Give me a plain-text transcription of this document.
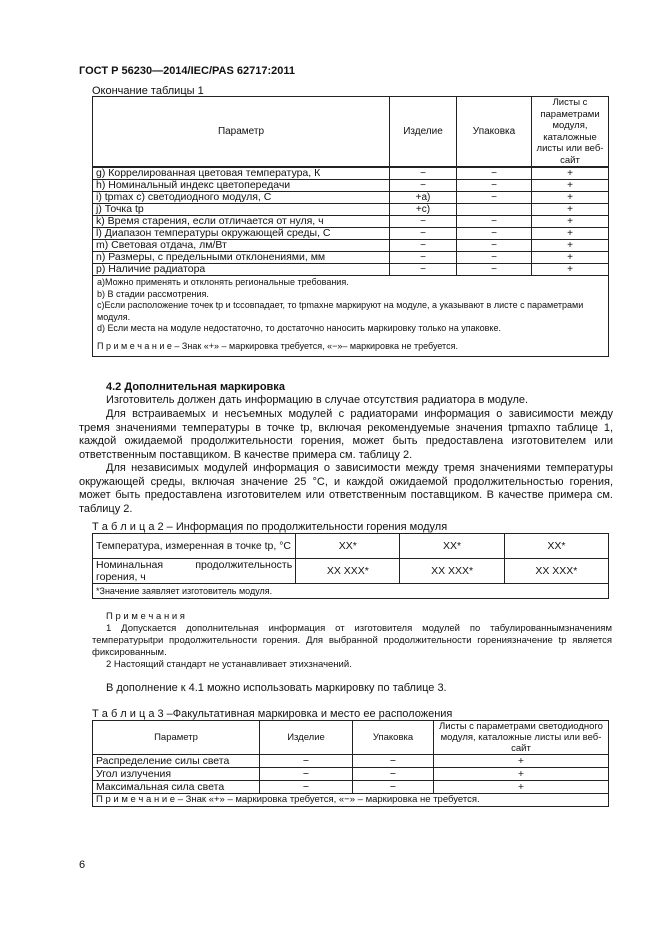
ГОСТ Р 56230—2014/IEC/PAS 62717:2011
Окончание таблицы 1
Параметр	Изделие	Упаковка	Листы с параметрами модуля, каталожные листы или веб-сайт
g) Коррелированная цветовая температура, К	−	−	+
h) Номинальный индекс цветопередачи	−	−	+
i) tpmax c) светодиодного модуля, С	+a)	−	+
j) Точка tp	+c)		+
k) Время старения, если отличается от нуля, ч	−	−	+
l) Диапазон температуры окружающей среды, С	−	−	+
m) Световая отдача, лм/Вт	−	−	+
n) Размеры, с предельными отклонениями, мм	−	−	+
p) Наличие радиатора	−	−	+

a)Можно применять и отклонять региональные требования.
b) В стадии рассмотрения.
c)Если расположение точек tp и tcсовпадает, то tpmaxне маркируют на модуле, а указывают в листе с параметрами модуля.
d) Если места на модуле недостаточно, то достаточно наносить маркировку только на упаковке.
П р и м е ч а н и е – Знак «+» – маркировка требуется, «−»– маркировка не требуется.			
4.2 Дополнительная маркировка
Изготовитель должен дать информацию в случае отсутствия радиатора в модуле.
Для встраиваемых и несъемных модулей с радиаторами информация о зависимости между тремя значениями температуры в точке tp, включая рекомендуемые значения tpmaxпо таблице 1, каждой ожидаемой продолжительности горения, может быть предоставлена изготовителем или ответственным поставщиком. В качестве примера см. таблицу 2.
Для независимых модулей информация о зависимости между тремя значениями температуры окружающей среды, включая значение 25 °С, и каждой ожидаемой продолжительностью горения, может быть предоставлена изготовителем или ответственным поставщиком. В качестве примера см. таблицу 2.
Т а б л и ц а 2 – Информация по продолжительности горения модуля
Температура, измеренная в точке tp, °С	XX*	XX*	XX*
Номинальная продолжительность горения, ч	XX XXX*	XX XXX*	XX XXX*
*Значение заявляет изготовитель модуля.			
П р и м е ч а н и я
1 Допускается дополнительная информация от изготовителя модулей по табулированнымзначениям температурыtpи продолжительности горения. Для выбранной продолжительности горениязначение tp является фиксированным.
2 Настоящий стандарт не устанавливает этихзначений.
В дополнение к 4.1 можно использовать маркировку по таблице 3.
Т а б л и ц а 3 –Факультативная маркировка и место ее расположения
Параметр	Изделие	Упаковка	Листы с параметрами светодиодного модуля, каталожные листы или веб-сайт
Распределение силы света	−	−	+
Угол излучения	−	−	+
Максимальная сила света	−	−	+
П р и м е ч а н и е – Знак «+» – маркировка требуется, «−» – маркировка не требуется.			
6
